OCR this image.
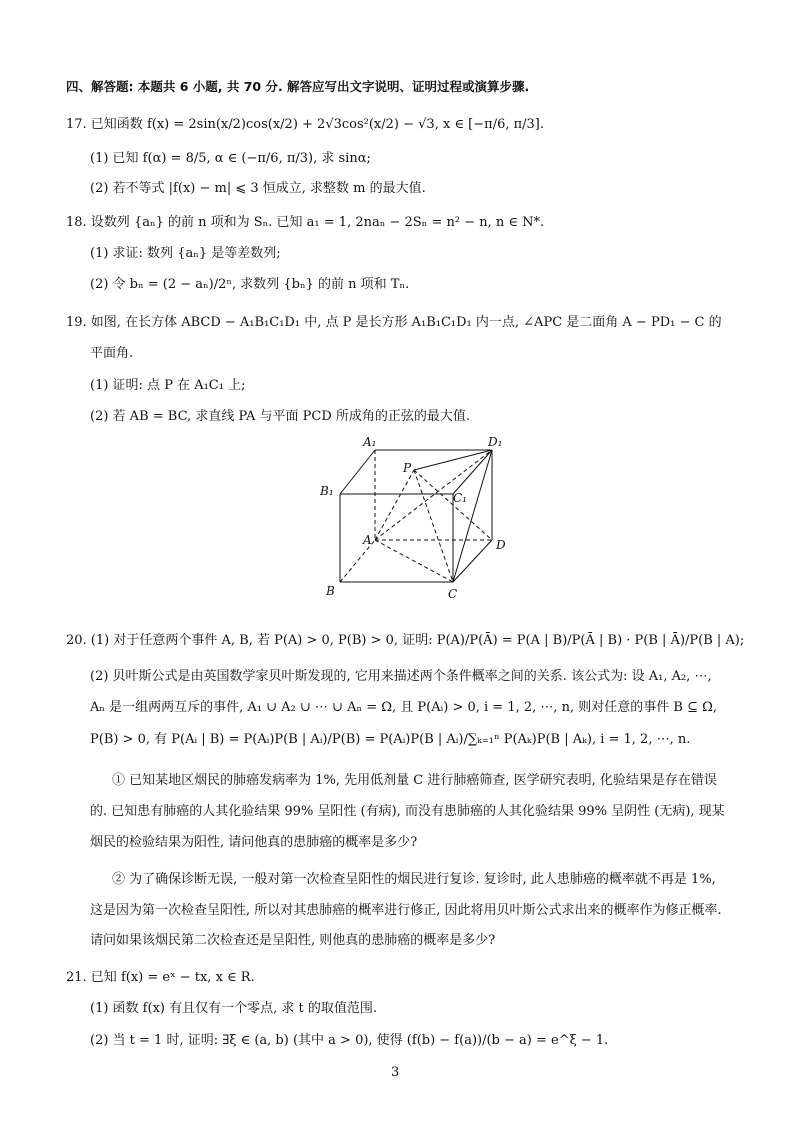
四、解答题: 本题共 6 小题, 共 70 分. 解答应写出文字说明、证明过程或演算步骤.
17. 已知函数 f(x) = 2sin(x/2)cos(x/2) + 2√3cos²(x/2) − √3, x ∈ [−π/6, π/3].
(1) 已知 f(α) = 8/5, α ∈ (−π/6, π/3), 求 sinα;
(2) 若不等式 |f(x) − m| ⩽ 3 恒成立, 求整数 m 的最大值.
18. 设数列 {aₙ} 的前 n 项和为 Sₙ. 已知 a₁ = 1, 2naₙ − 2Sₙ = n² − n, n ∈ N*.
(1) 求证: 数列 {aₙ} 是等差数列;
(2) 令 bₙ = (2 − aₙ)/2ⁿ, 求数列 {bₙ} 的前 n 项和 Tₙ.
19. 如图, 在长方体 ABCD − A₁B₁C₁D₁ 中, 点 P 是长方形 A₁B₁C₁D₁ 内一点, ∠APC 是二面角 A − PD₁ − C 的
平面角.
(1) 证明: 点 P 在 A₁C₁ 上;
(2) 若 AB = BC, 求直线 PA 与平面 PCD 所成角的正弦的最大值.
A₁	D₁
B₁	C₁
P
A	D
B	C
20. (1) 对于任意两个事件 A, B, 若 P(A) > 0, P(B) > 0, 证明: P(A)/P(Ā) = P(A | B)/P(Ā | B) · P(B | Ā)/P(B | A);
(2) 贝叶斯公式是由英国数学家贝叶斯发现的, 它用来描述两个条件概率之间的关系. 该公式为: 设 A₁, A₂, ⋯,
Aₙ 是一组两两互斥的事件, A₁ ∪ A₂ ∪ ⋯ ∪ Aₙ = Ω, 且 P(Aᵢ) > 0, i = 1, 2, ⋯, n, 则对任意的事件 B ⊆ Ω,
P(B) > 0, 有 P(Aᵢ | B) = P(Aᵢ)P(B | Aᵢ)/P(B) = P(Aᵢ)P(B | Aᵢ)/∑ₖ₌₁ⁿ P(Aₖ)P(B | Aₖ), i = 1, 2, ⋯, n.
① 已知某地区烟民的肺癌发病率为 1%, 先用低剂量 C 进行肺癌筛查, 医学研究表明, 化验结果是存在错误
的. 已知患有肺癌的人其化验结果 99% 呈阳性 (有病), 而没有患肺癌的人其化验结果 99% 呈阴性 (无病), 现某
烟民的检验结果为阳性, 请问他真的患肺癌的概率是多少?
② 为了确保诊断无误, 一般对第一次检查呈阳性的烟民进行复诊. 复诊时, 此人患肺癌的概率就不再是 1%,
这是因为第一次检查呈阳性, 所以对其患肺癌的概率进行修正, 因此将用贝叶斯公式求出来的概率作为修正概率.
请问如果该烟民第二次检查还是呈阳性, 则他真的患肺癌的概率是多少?
21. 已知 f(x) = eˣ − tx, x ∈ R.
(1) 函数 f(x) 有且仅有一个零点, 求 t 的取值范围.
(2) 当 t = 1 时, 证明: ∃ξ ∈ (a, b) (其中 a > 0), 使得 (f(b) − f(a))/(b − a) = e^ξ − 1.
3
